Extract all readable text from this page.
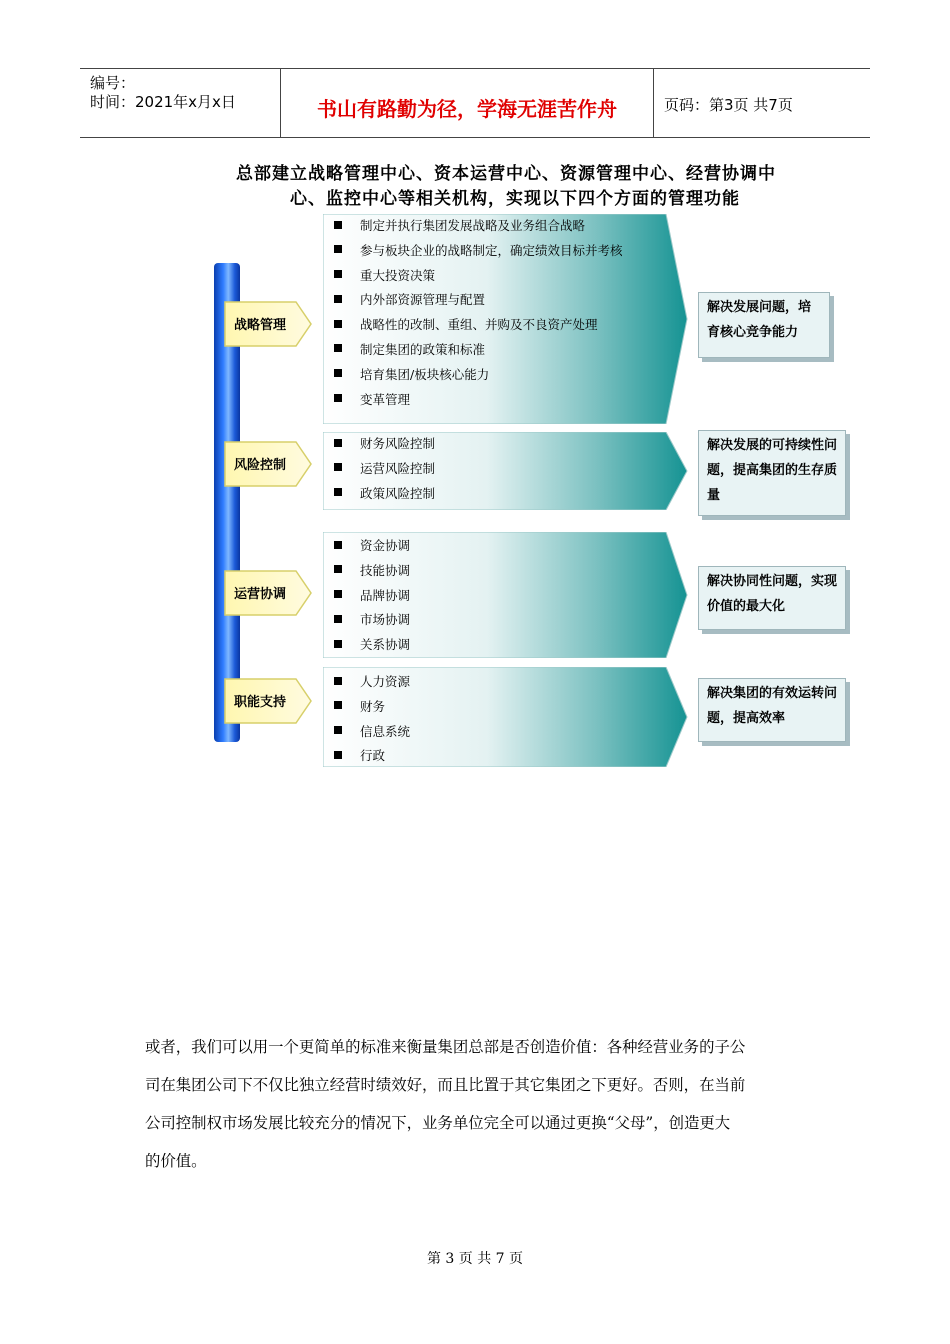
编号：
时间：2021年x月x日	书山有路勤为径，学海无涯苦作舟	页码：第3页 共7页
总部建立战略管理中心、资本运营中心、资源管理中心、经营协调中
心、监控中心等相关机构，实现以下四个方面的管理功能
战略管理
制定并执行集团发展战略及业务组合战略
参与板块企业的战略制定，确定绩效目标并考核
重大投资决策
内外部资源管理与配置
战略性的改制、重组、并购及不良资产处理
制定集团的政策和标准
培育集团/板块核心能力
变革管理
解决发展问题，培育核心竞争能力
风险控制
财务风险控制
运营风险控制
政策风险控制
解决发展的可持续性问题，提高集团的生存质量
运营协调
资金协调
技能协调
品牌协调
市场协调
关系协调
解决协同性问题，实现价值的最大化
职能支持
人力资源
财务
信息系统
行政
解决集团的有效运转问题，提高效率

或者，我们可以用一个更简单的标准来衡量集团总部是否创造价值：各种经营业务的子公

司在集团公司下不仅比独立经营时绩效好，而且比置于其它集团之下更好。否则，在当前

公司控制权市场发展比较充分的情况下，业务单位完全可以通过更换“父母”，创造更大

的价值。

第 3 页 共 7 页
